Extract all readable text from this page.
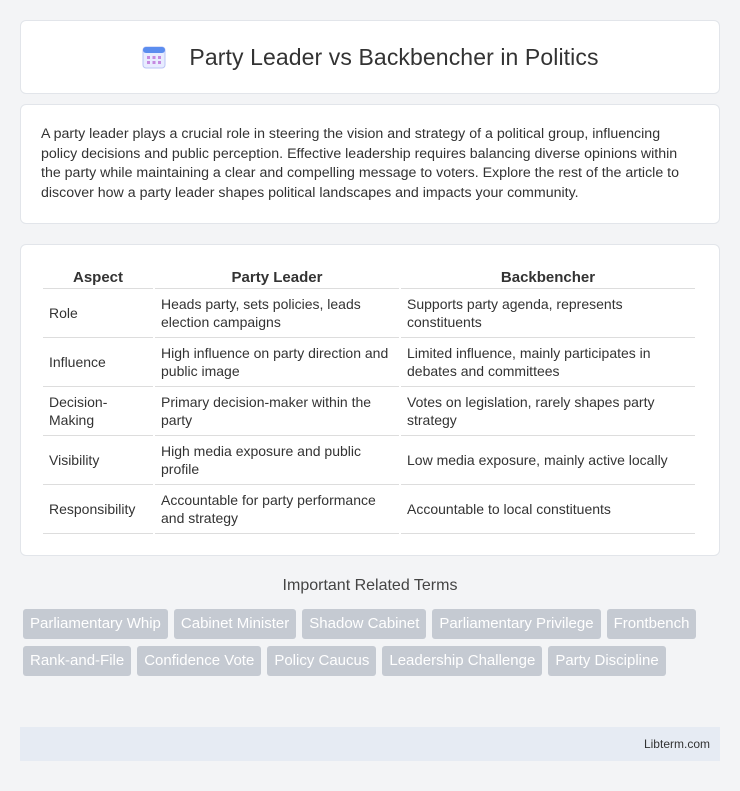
Party Leader vs Backbencher in Politics

A party leader plays a crucial role in steering the vision and strategy of a political group, influencing policy decisions and public perception. Effective leadership requires balancing diverse opinions within the party while maintaining a clear and compelling message to voters. Explore the rest of the article to discover how a party leader shapes political landscapes and impacts your community.

Aspect	Party Leader	Backbencher
Role	Heads party, sets policies, leads election campaigns	Supports party agenda, represents constituents
Influence	High influence on party direction and public image	Limited influence, mainly participates in debates and committees
Decision-Making	Primary decision-maker within the party	Votes on legislation, rarely shapes party strategy
Visibility	High media exposure and public profile	Low media exposure, mainly active locally
Responsibility	Accountable for party performance and strategy	Accountable to local constituents
Important Related Terms
Parliamentary Whip	Cabinet Minister	Shadow Cabinet	Parliamentary Privilege	Frontbench
Rank-and-File	Confidence Vote	Policy Caucus	Leadership Challenge	Party Discipline
Libterm.com
